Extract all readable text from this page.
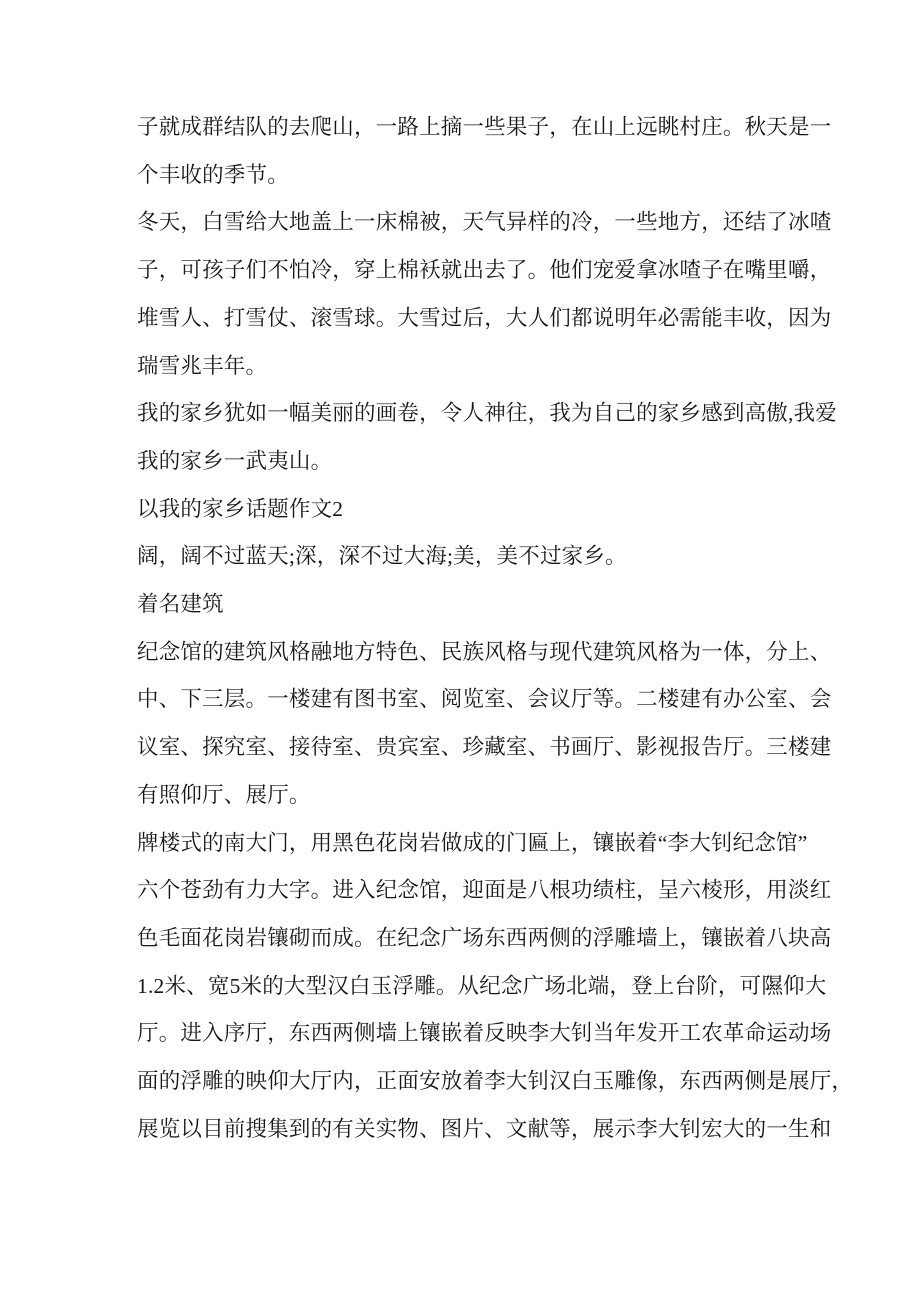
子就成群结队的去爬山，一路上摘一些果子，在山上远眺村庄。秋天是一
个丰收的季节。
冬天，白雪给大地盖上一床棉被，天气异样的冷，一些地方，还结了冰喳
子，可孩子们不怕冷，穿上棉袄就出去了。他们宠爱拿冰喳子在嘴里嚼，
堆雪人、打雪仗、滚雪球。大雪过后，大人们都说明年必需能丰收，因为
瑞雪兆丰年。
我的家乡犹如一幅美丽的画卷，令人神往，我为自己的家乡感到高傲,我爱
我的家乡一武夷山。
以我的家乡话题作文2
阔，阔不过蓝天;深，深不过大海;美，美不过家乡。
着名建筑
纪念馆的建筑风格融地方特色、民族风格与现代建筑风格为一体，分上、
中、下三层。一楼建有图书室、阅览室、会议厅等。二楼建有办公室、会
议室、探究室、接待室、贵宾室、珍藏室、书画厅、影视报告厅。三楼建
有照仰厅、展厅。
牌楼式的南大门，用黑色花岗岩做成的门匾上，镶嵌着“李大钊纪念馆”
六个苍劲有力大字。进入纪念馆，迎面是八根功绩柱，呈六棱形，用淡红
色毛面花岗岩镶砌而成。在纪念广场东西两侧的浮雕墙上，镶嵌着八块高
1.2米、宽5米的大型汉白玉浮雕。从纪念广场北端，登上台阶，可隰仰大
厅。进入序厅，东西两侧墙上镶嵌着反映李大钊当年发开工农革命运动场
面的浮雕的映仰大厅内，正面安放着李大钊汉白玉雕像，东西两侧是展厅，
展览以目前搜集到的有关实物、图片、文献等，展示李大钊宏大的一生和
